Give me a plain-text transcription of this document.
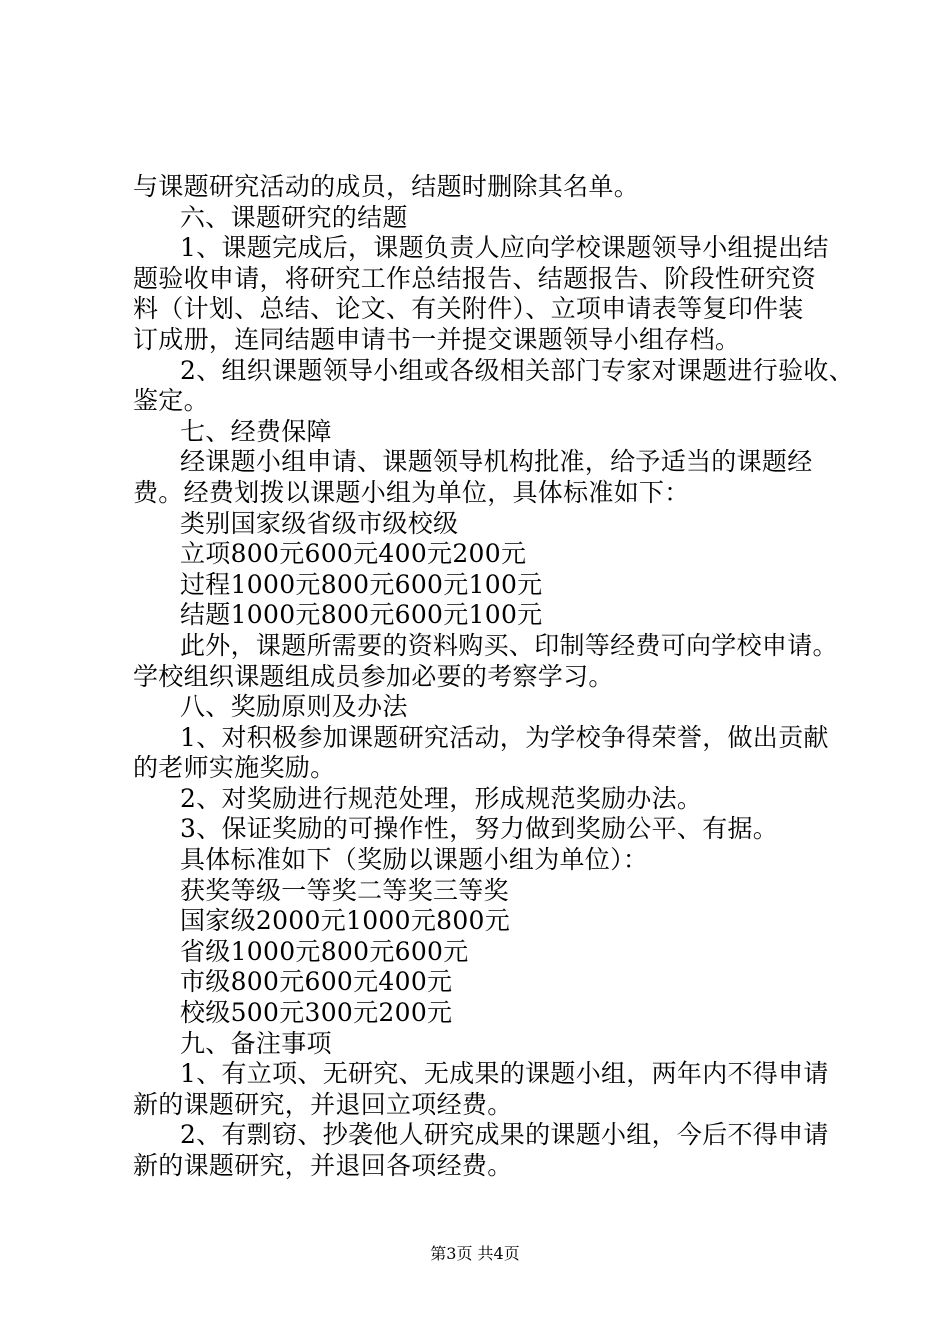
与课题研究活动的成员，结题时删除其名单。
六、课题研究的结题
1、课题完成后，课题负责人应向学校课题领导小组提出结
题验收申请，将研究工作总结报告、结题报告、阶段性研究资
料（计划、总结、论文、有关附件）、立项申请表等复印件装
订成册，连同结题申请书一并提交课题领导小组存档。
2、组织课题领导小组或各级相关部门专家对课题进行验收、
鉴定。
七、经费保障
经课题小组申请、课题领导机构批准，给予适当的课题经
费。经费划拨以课题小组为单位，具体标准如下：
类别国家级省级市级校级
立项800元600元400元200元
过程1000元800元600元100元
结题1000元800元600元100元
此外，课题所需要的资料购买、印制等经费可向学校申请。
学校组织课题组成员参加必要的考察学习。
八、奖励原则及办法
1、对积极参加课题研究活动，为学校争得荣誉，做出贡献
的老师实施奖励。
2、对奖励进行规范处理，形成规范奖励办法。
3、保证奖励的可操作性，努力做到奖励公平、有据。
具体标准如下（奖励以课题小组为单位）：
获奖等级一等奖二等奖三等奖
国家级2000元1000元800元
省级1000元800元600元
市级800元600元400元
校级500元300元200元
九、备注事项
1、有立项、无研究、无成果的课题小组，两年内不得申请
新的课题研究，并退回立项经费。
2、有剽窃、抄袭他人研究成果的课题小组，今后不得申请
新的课题研究，并退回各项经费。
第3页 共4页
